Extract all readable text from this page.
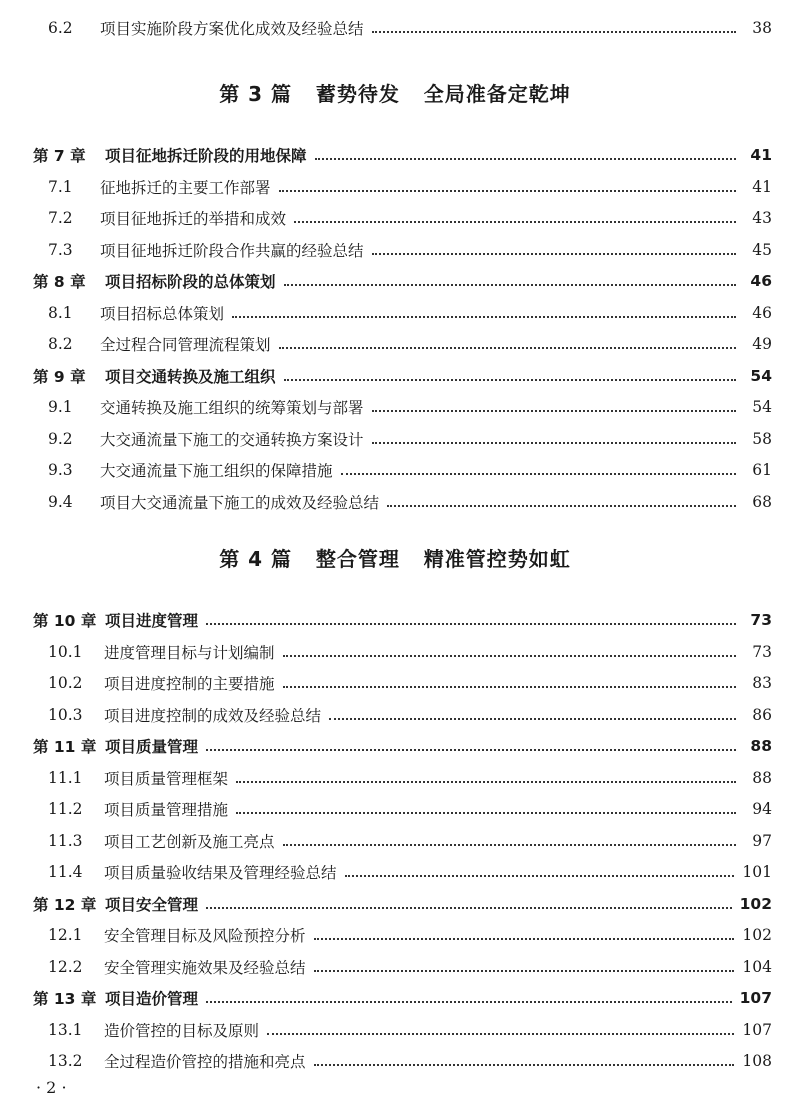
6.2	项目实施阶段方案优化成效及经验总结	38
第 3 篇 蓄势待发   全局准备定乾坤
第 7 章	项目征地拆迁阶段的用地保障	41
7.1	征地拆迁的主要工作部署	41
7.2	项目征地拆迁的举措和成效	43
7.3	项目征地拆迁阶段合作共赢的经验总结	45
第 8 章	项目招标阶段的总体策划	46
8.1	项目招标总体策划	46
8.2	全过程合同管理流程策划	49
第 9 章	项目交通转换及施工组织	54
9.1	交通转换及施工组织的统筹策划与部署	54
9.2	大交通流量下施工的交通转换方案设计	58
9.3	大交通流量下施工组织的保障措施	61
9.4	项目大交通流量下施工的成效及经验总结	68
第 4 篇 整合管理   精准管控势如虹
第 10 章 项目进度管理	73
10.1	进度管理目标与计划编制	73
10.2	项目进度控制的主要措施	83
10.3	项目进度控制的成效及经验总结	86
第 11 章 项目质量管理	88
11.1	项目质量管理框架	88
11.2	项目质量管理措施	94
11.3	项目工艺创新及施工亮点	97
11.4	项目质量验收结果及管理经验总结	101
第 12 章 项目安全管理	102
12.1	安全管理目标及风险预控分析	102
12.2	安全管理实施效果及经验总结	104
第 13 章 项目造价管理	107
13.1	造价管控的目标及原则	107
13.2	全过程造价管控的措施和亮点	108
· 2 ·
